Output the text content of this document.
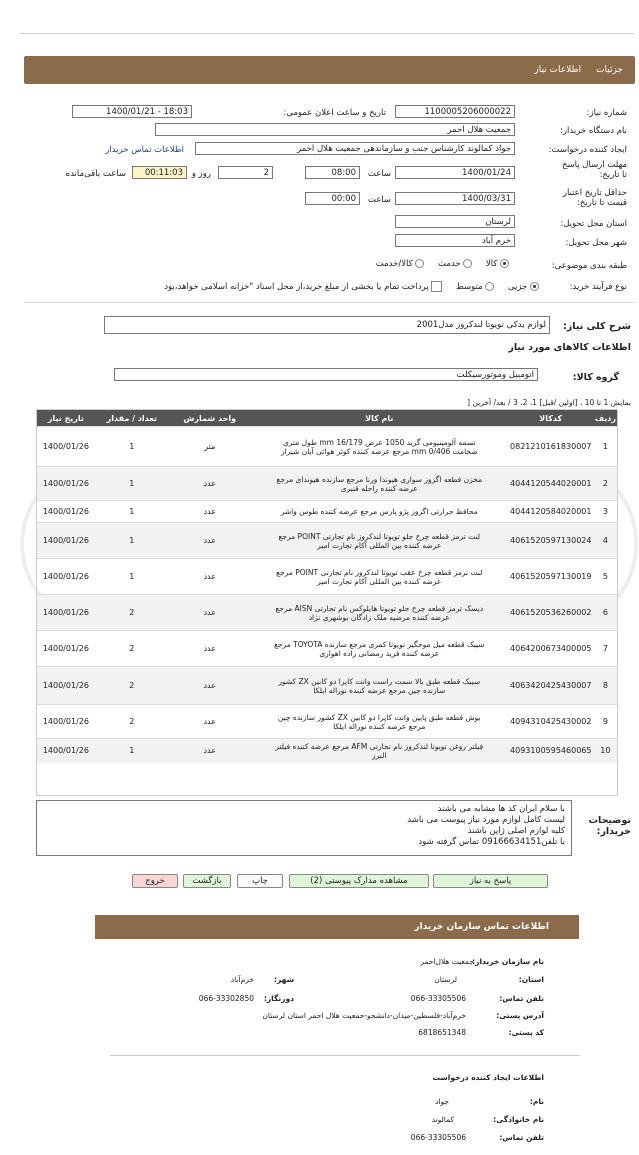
جزئیات اطلاعات نیاز
شماره نیاز:
1100005206000022
تاریخ و ساعت اعلان عمومی:
1400/01/21 - 18:03
نام دستگاه خریدار:
جمعیت هلال احمر
ایجاد کننده درخواست:
جواد کمالوند کارشناس جنب و سازماندهی جمعیت هلال احمر
اطلاعات تماس خریدار
مهلت ارسال پاسخ تا تاریخ:
1400/01/24
ساعت
08:00
2
روز و
00:11:03
ساعت باقی‌مانده
حداقل تاریخ اعتبار قیمت تا تاریخ:
1400/03/31
ساعت
00:00
استان محل تحویل:
لرستان
شهر محل تحویل:
خرم آباد
طبقه بندی موضوعی:
کالا      خدمت      کالا/خدمت
نوع فرآیند خرید:
جزیی      متوسط      پرداخت تمام یا بخشی از مبلغ خرید،از محل اسناد "خزانه اسلامی خواهد،بود
شرح کلی نیاز:
لوازم یدکی تویوتا لندکروز مدل2001
اطلاعات کالاهای مورد نیاز
گروه کالا:
اتومبیل وموتورسیکلت
نمایش 1 تا 10 ، [اولین /قبل] 1، 2، 3 / بعد/ آخرین [
ردیف	کدکالا	نام کالا	واحد شمارش	تعداد / مقدار	تاریخ نیاز
1	0821210161830007	تسمه آلومینیومی گرید 1050 عرض 16/179 mm طول متری ضخامت 0/406 mm مرجع عرضه کننده کوثر هوائی آیان شیراز	متر	1	1400/01/26
2	4044120544020001	مخزن قطعه اگزوز سواری هیوندا ورنا مرجع سازنده هیوندای مرجع عرضه کننده راحله قنبری	عدد	1	1400/01/26
3	4044120584020001	محافظ حرارتی اگزوز پژو پارس مرجع عرضه کننده طوس واشر	عدد	1	1400/01/26
4	4061520597130024	لنت ترمز قطعه چرخ جلو تویوتا لندکروز نام تجارتی POINT مرجع عرضه کننده بین المللی آکام تجارت امیر	عدد	1	1400/01/26
5	4061520597130019	لنت ترمز قطعه چرخ عقب تویوتا لندکروز نام تجارتی POINT مرجع عرضه کننده بین المللی آکام تجارت امیر	عدد	1	1400/01/26
6	4061520536260002	دیسک ترمز قطعه چرخ جلو تویوتا هایلوکس نام تجارتی AISN مرجع عرضه کننده مرضیه ملک زادگان بوشهری نژاد	عدد	2	1400/01/26
7	4064200673400005	سیبک قطعه میل موجگیر تویوتا کمری مرجع سازنده TOYOTA مرجع عرضه کننده فرید رمضانی زاده اهوازی	عدد	2	1400/01/26
8	4063420425430007	سیبک قطعه طبق بالا سمت راست وانت کاپرا دو کابین ZX کشور سازنده چین مرجع عرضه کننده نوراله ایلکا	عدد	2	1400/01/26
9	4094310425430002	بوش قطعه طبق پایین وانت کاپرا دو کابین ZX کشور سازنده چین مرجع عرضه کننده نوراله ایلکا	عدد	2	1400/01/26
10	4093100595460065	فیلتر روغن تویوتا لندکروز نام تجارتی AFM مرجع عرضه کننده فیلتر البرز	عدد	1	1400/01/26
توضیحات خریدار:
با سلام ایران کد ها مشابه می باشند
لیست کامل لوازم مورد نیاز پیوست می باشد
کلیه لوازم اصلی ژاپن باشند
با تلفن09166634151 تماس گرفته شود
پاسخ به نیاز
مشاهده مدارک پیوستی (2)
چاپ
بازگشت
خروج
اطلاعات تماس سازمان خریدار
نام سازمان خریدار:
جمعیت هلال‌احمر
استان:
لرستان
شهر:
خرم‌آباد
تلفن تماس:
066-33305506
دورنگار:
066-33302850
آدرس پستی:
خرم‌آباد-فلسطین-میدان-دانشجو-جمعیت هلال احمر استان لرستان
کد پستی:
6818651348
اطلاعات ایجاد کننده درخواست
نام:
جواد
نام خانوادگی:
کمالوند
تلفن تماس:
066-33305506
